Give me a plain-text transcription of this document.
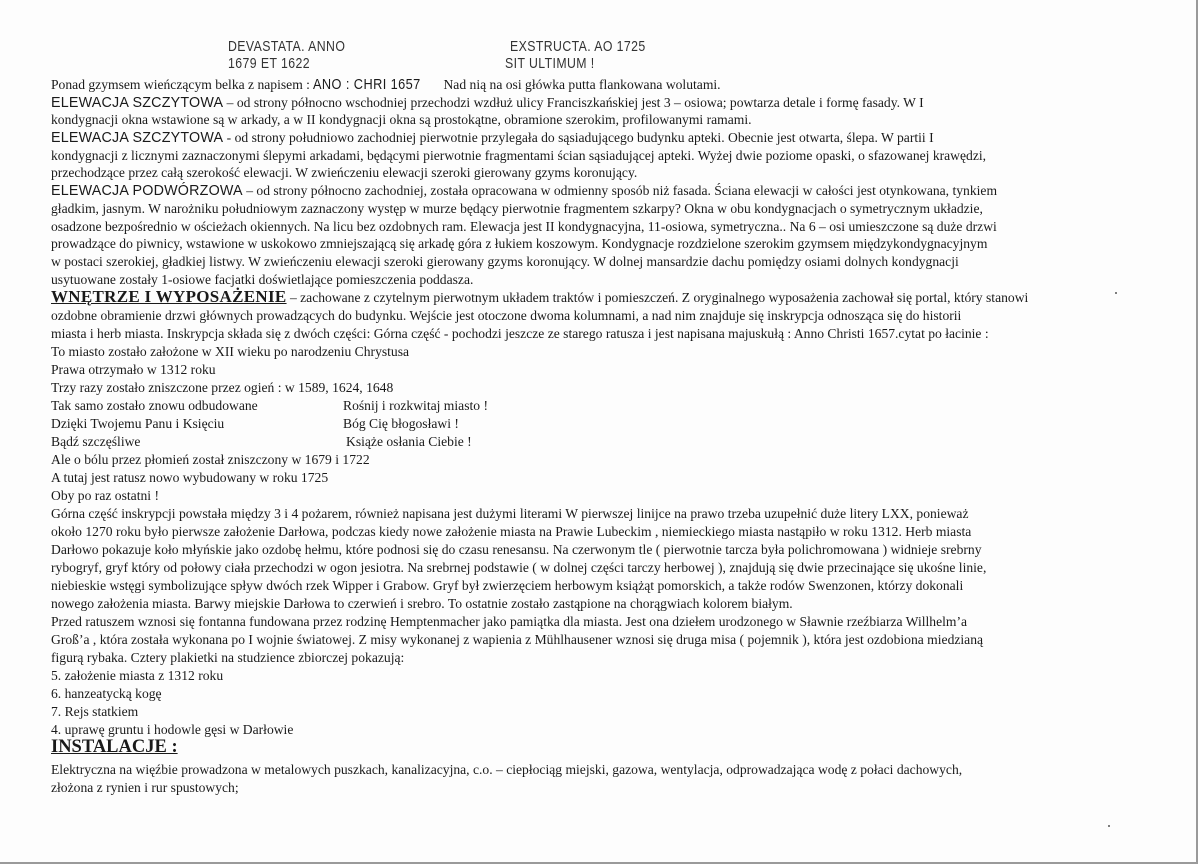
DEVASTATA. ANNO
1679 ET 1622
EXSTRUCTA. AO 1725
SIT ULTIMUM !
Ponad gzymsem wieńczącym belka z napisem : ANO : CHRI 1657 Nad nią na osi główka putta flankowana wolutami.
ELEWACJA SZCZYTOWA – od strony północno wschodniej przechodzi wzdłuż ulicy Franciszkańskiej jest 3 – osiowa; powtarza detale i formę fasady. W I
kondygnacji okna wstawione są w arkady, a w II kondygnacji okna są prostokątne, obramione szerokim, profilowanymi ramami.
ELEWACJA SZCZYTOWA - od strony południowo zachodniej pierwotnie przylegała do sąsiadującego budynku apteki. Obecnie jest otwarta, ślepa. W partii I
kondygnacji z licznymi zaznaczonymi ślepymi arkadami, będącymi pierwotnie fragmentami ścian sąsiadującej apteki. Wyżej dwie poziome opaski, o sfazowanej krawędzi,
przechodzące przez całą szerokość elewacji. W zwieńczeniu elewacji szeroki gierowany gzyms koronujący.
ELEWACJA PODWÓRZOWA – od strony północno zachodniej, została opracowana w odmienny sposób niż fasada. Ściana elewacji w całości jest otynkowana, tynkiem
gładkim, jasnym. W narożniku południowym zaznaczony występ w murze będący pierwotnie fragmentem szkarpy? Okna w obu kondygnacjach o symetrycznym układzie,
osadzone bezpośrednio w ościeżach okiennych. Na licu bez ozdobnych ram. Elewacja jest II kondygnacyjna, 11-osiowa, symetryczna.. Na 6 – osi umieszczone są duże drzwi
prowadzące do piwnicy, wstawione w uskokowo zmniejszającą się arkadę góra z łukiem koszowym. Kondygnacje rozdzielone szerokim gzymsem międzykondygnacyjnym
w postaci szerokiej, gładkiej listwy. W zwieńczeniu elewacji szeroki gierowany gzyms koronujący. W dolnej mansardzie dachu pomiędzy osiami dolnych kondygnacji
usytuowane zostały 1-osiowe facjatki doświetlające pomieszczenia poddasza.
WNĘTRZE I WYPOSAŻENIE – zachowane z czytelnym pierwotnym układem traktów i pomieszczeń. Z oryginalnego wyposażenia zachował się portal, który stanowi
ozdobne obramienie drzwi głównych prowadzących do budynku. Wejście jest otoczone dwoma kolumnami, a nad nim znajduje się inskrypcja odnosząca się do historii
miasta i herb miasta. Inskrypcja składa się z dwóch części: Górna część - pochodzi jeszcze ze starego ratusza i jest napisana majuskułą : Anno Christi 1657.cytat po łacinie :
To miasto zostało założone w XII wieku po narodzeniu Chrystusa
Prawa otrzymało w 1312 roku
Trzy razy zostało zniszczone przez ogień : w 1589, 1624, 1648
Tak samo zostało znowu odbudowane	Rośnij i rozkwitaj miasto !
Dzięki Twojemu Panu i Księciu	Bóg Cię błogosławi !
Bądź szczęśliwe	Książe osłania Ciebie !
Ale o bólu przez płomień został zniszczony w 1679 i 1722
A tutaj jest ratusz nowo wybudowany w roku 1725
Oby po raz ostatni !
Górna część inskrypcji powstała między 3 i 4 pożarem, również napisana jest dużymi literami W pierwszej linijce na prawo trzeba uzupełnić duże litery LXX, ponieważ
około 1270 roku było pierwsze założenie Darłowa, podczas kiedy nowe założenie miasta na Prawie Lubeckim , niemieckiego miasta nastąpiło w roku 1312. Herb miasta
Darłowo pokazuje koło młyńskie jako ozdobę hełmu, które podnosi się do czasu renesansu. Na czerwonym tle ( pierwotnie tarcza była polichromowana ) widnieje srebrny
rybogryf, gryf który od połowy ciała przechodzi w ogon jesiotra. Na srebrnej podstawie ( w dolnej części tarczy herbowej ), znajdują się dwie przecinające się ukośne linie,
niebieskie wstęgi symbolizujące spływ dwóch rzek Wipper i Grabow. Gryf był zwierzęciem herbowym książąt pomorskich, a także rodów Swenzonen, którzy dokonali
nowego założenia miasta. Barwy miejskie Darłowa to czerwień i srebro. To ostatnie zostało zastąpione na chorągwiach kolorem białym.
Przed ratuszem wznosi się fontanna fundowana przez rodzinę Hemptenmacher jako pamiątka dla miasta. Jest ona dziełem urodzonego w Sławnie rzeźbiarza Willhelm’a
Groß’a , która została wykonana po I wojnie światowej. Z misy wykonanej z wapienia z Mühlhausener wznosi się druga misa ( pojemnik ), która jest ozdobiona miedzianą
figurą rybaka. Cztery plakietki na studzience zbiorczej pokazują:
5. założenie miasta z 1312 roku
6. hanzeatycką kogę
7. Rejs statkiem
4. uprawę gruntu i hodowle gęsi w Darłowie
INSTALACJE :
Elektryczna na więźbie prowadzona w metalowych puszkach, kanalizacyjna, c.o. – ciepłociąg miejski, gazowa, wentylacja, odprowadzająca wodę z połaci dachowych,
złożona z rynien i rur spustowych;
